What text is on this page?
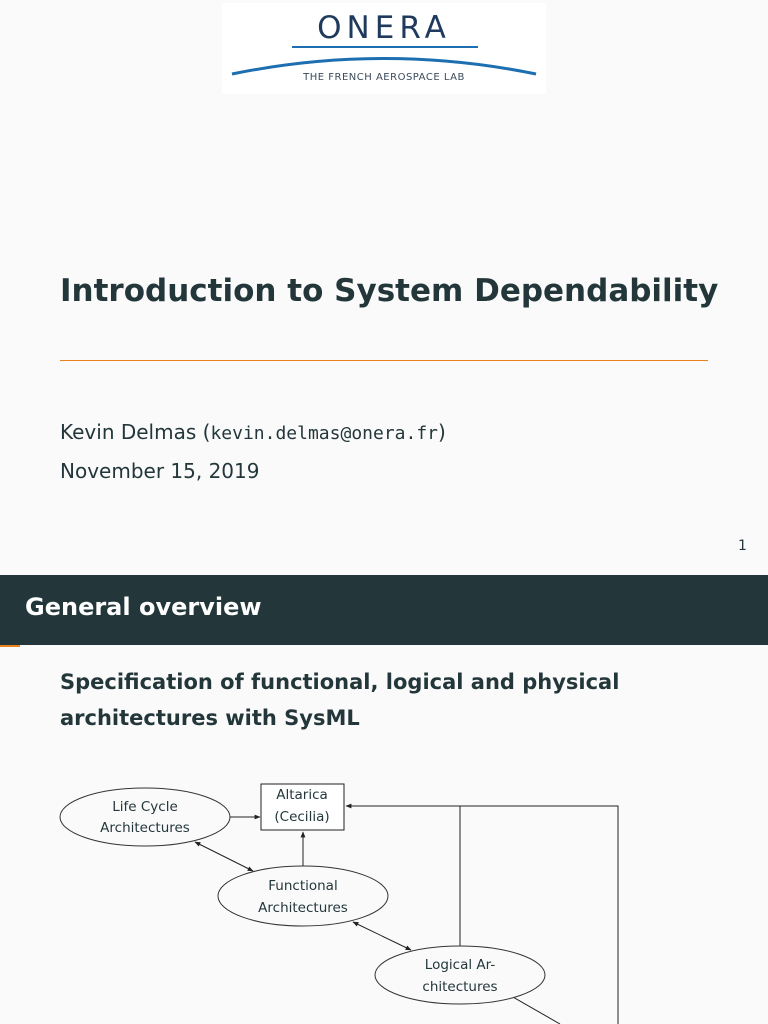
ONERA
THE FRENCH AEROSPACE LAB
Introduction to System Dependability
Kevin Delmas (kevin.delmas@onera.fr)
November 15, 2019
1
General overview
Specification of functional, logical and physical architectures with SysML
Life Cycle
Architectures
Altarica
(Cecilia)
Functional
Architectures
Logical Ar-
chitectures
